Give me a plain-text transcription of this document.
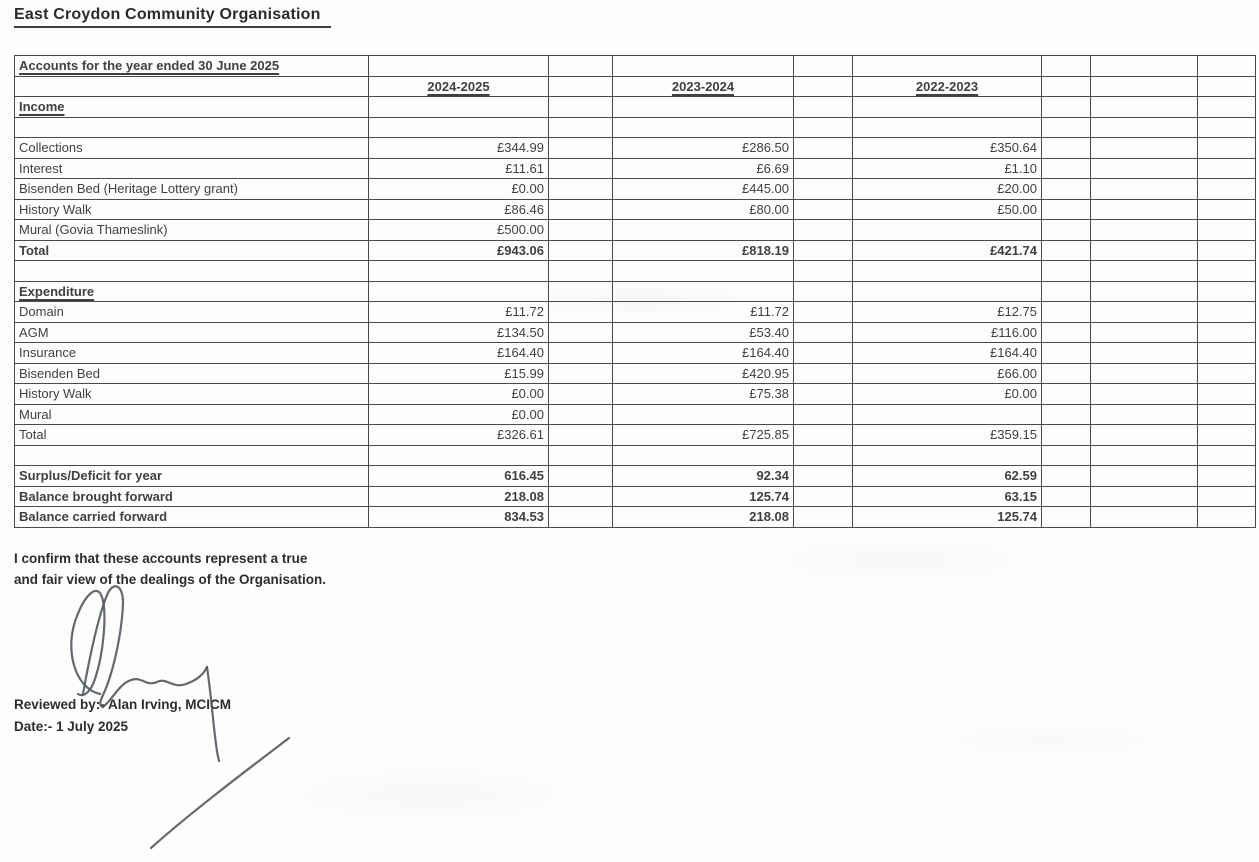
East Croydon Community Organisation
Accounts for the year ended 30 June 2025								
	2024-2025		2023-2024		2022-2023			
Income								

Collections	£344.99		£286.50		£350.64			
Interest	£11.61		£6.69		£1.10			
Bisenden Bed (Heritage Lottery grant)	£0.00		£445.00		£20.00			
History Walk	£86.46		£80.00		£50.00			
Mural (Govia Thameslink)	£500.00							
Total	£943.06		£818.19		£421.74			

Expenditure								
Domain	£11.72		£11.72		£12.75			
AGM	£134.50		£53.40		£116.00			
Insurance	£164.40		£164.40		£164.40			
Bisenden Bed	£15.99		£420.95		£66.00			
History Walk	£0.00		£75.38		£0.00			
Mural	£0.00							
Total	£326.61		£725.85		£359.15			

Surplus/Deficit for year	616.45		92.34		62.59			
Balance brought forward	218.08		125.74		63.15			
Balance carried forward	834.53		218.08		125.74			
I confirm that these accounts represent a true
and fair view of the dealings of the Organisation.
Reviewed by:- Alan Irving, MCICM
Date:- 1 July 2025
